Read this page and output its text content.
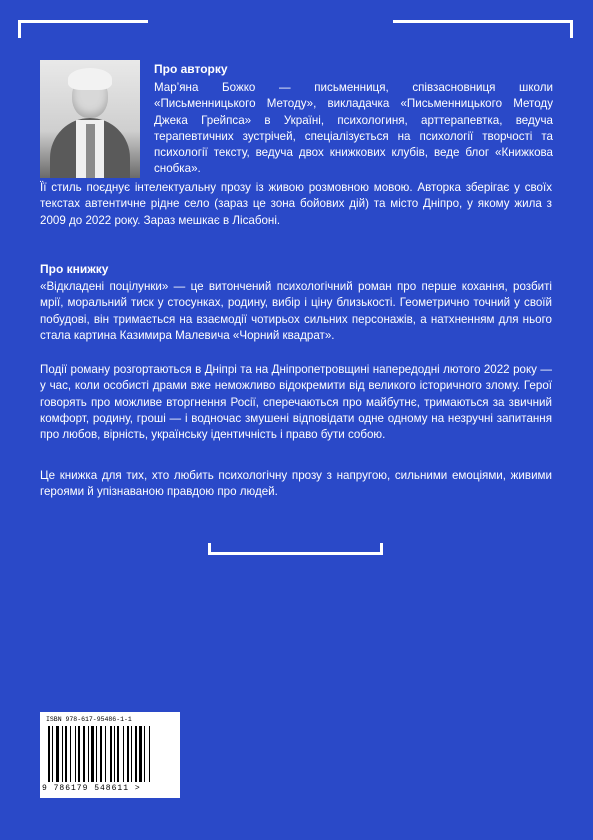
Про авторку
Мар’яна Божко — письменниця, співзасновниця школи «Письменницького Методу», викладачка «Письменницького Методу Джека Грейпса» в Україні, психологиня, арттерапевтка, ведуча терапевтичних зустрічей, спеціалізується на психології творчості та психології тексту, ведуча двох книжкових клубів, веде блог «Книжкова снобка».
Її стиль поєднує інтелектуальну прозу із живою розмовною мовою. Авторка зберігає у своїх текстах автентичне рідне село (зараз це зона бойових дій) та місто Дніпро, у якому жила з 2009 до 2022 року. Зараз мешкає в Лісабоні.
Про книжку
«Відкладені поцілунки» — це витончений психологічний роман про перше кохання, розбиті мрії, моральний тиск у стосунках, родину, вибір і ціну близькості. Геометрично точний у своїй побудові, він тримається на взаємодії чотирьох сильних персонажів, а натхненням для нього стала картина Казимира Малевича «Чорний квадрат».
Події роману розгортаються в Дніпрі та на Дніпропетровщині напередодні лютого 2022 року — у час, коли особисті драми вже неможливо відокремити від великого історичного злому. Герої говорять про можливе вторгнення Росії, сперечаються про майбутнє, тримаються за звичний комфорт, родину, гроші — і водночас змушені відповідати одне одному на незручні запитання про любов, вірність, українську ідентичність і право бути собою.
Це книжка для тих, хто любить психологічну прозу з напругою, сильними емоціями, живими героями й упізнаваною правдою про людей.
ISBN 978-617-95486-1-1
9 786179 548611 >
